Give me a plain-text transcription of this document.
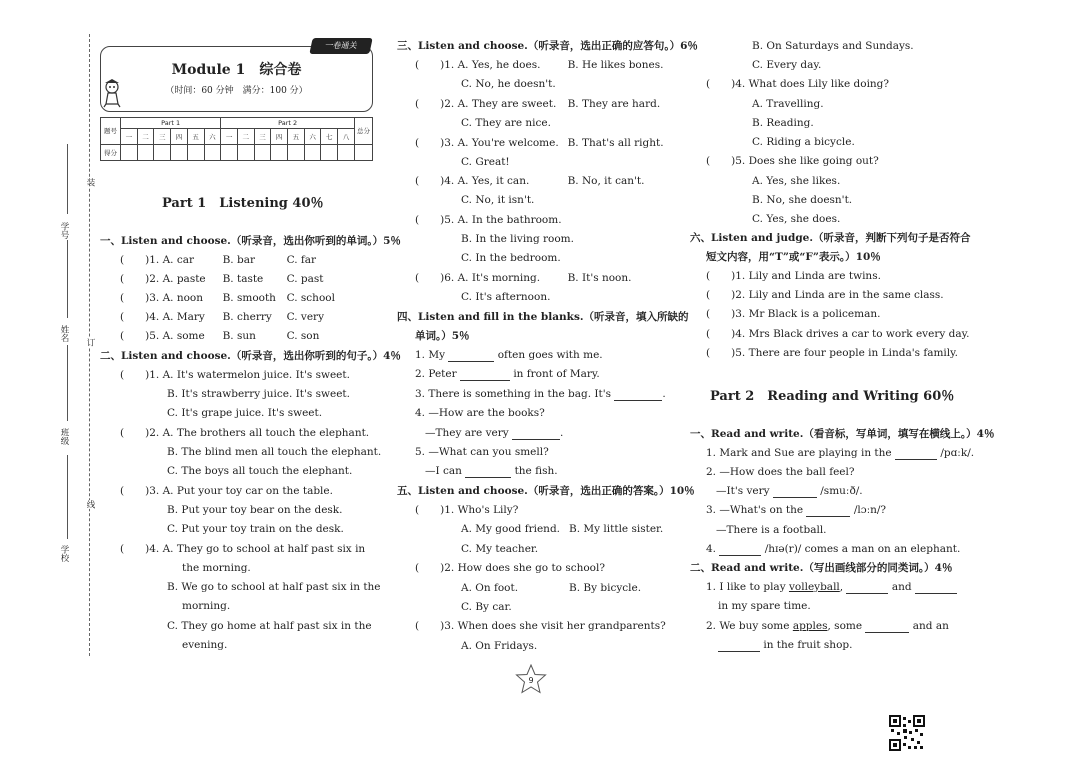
学号
姓名
班级
学校
装
订
线
Module 1　综合卷
（时间：60 分钟　满分：100 分）
一卷通关
题号	Part 1						Part 2								总分
	一	二	三	四	五	六	一	二	三	四	五	六	七	八	
得分															
Part 1　Listening 40％
一、Listen and choose.（听录音，选出你听到的单词。）5％
(　　)1. A. car	B. bar	C. far
(　　)2. A. paste B. taste C. past
(　　)3. A. noon B. smooth C. school
(　　)4. A. Mary B. cherry C. very
(　　)5. A. some B. sun	C. son
二、Listen and choose.（听录音，选出你听到的句子。）4％
(　　)1. A. It's watermelon juice. It's sweet.
B. It's strawberry juice. It's sweet.
C. It's grape juice. It's sweet.
(　　)2. A. The brothers all touch the elephant.
B. The blind men all touch the elephant.
C. The boys all touch the elephant.
(　　)3. A. Put your toy car on the table.
B. Put your toy bear on the desk.
C. Put your toy train on the desk.
(　　)4. A. They go to school at half past six in
the morning.
B. We go to school at half past six in the
morning.
C. They go home at half past six in the
evening.
三、Listen and choose.（听录音，选出正确的应答句。）6％
(　　)1. A. Yes, he does.	B. He likes bones.
C. No, he doesn't.
(　　)2. A. They are sweet. B. They are hard.
C. They are nice.
(　　)3. A. You're welcome. B. That's all right.
C. Great!
(　　)4. A. Yes, it can.	B. No, it can't.
C. No, it isn't.
(　　)5. A. In the bathroom.
B. In the living room.
C. In the bedroom.
(　　)6. A. It's morning.	B. It's noon.
C. It's afternoon.
四、Listen and fill in the blanks.（听录音，填入所缺的
单词。）5％
1. My	often goes with me.
2. Peter	in front of Mary.
3. There is something in the bag. It's	.
4. —How are the books?
—They are very	.
5. —What can you smell?
—I can	the fish.
五、Listen and choose.（听录音，选出正确的答案。）10％
(　　)1. Who's Lily?
A. My good friend. B. My little sister.
C. My teacher.
(　　)2. How does she go to school?
A. On foot.	B. By bicycle.
C. By car.
(　　)3. When does she visit her grandparents?
A. On Fridays.
B. On Saturdays and Sundays.
C. Every day.
(　　)4. What does Lily like doing?
A. Travelling.
B. Reading.
C. Riding a bicycle.
(　　)5. Does she like going out?
A. Yes, she likes.
B. No, she doesn't.
C. Yes, she does.
六、Listen and judge.（听录音，判断下列句子是否符合
短文内容，用“T”或“F”表示。）10％
(　　)1. Lily and Linda are twins.
(　　)2. Lily and Linda are in the same class.
(　　)3. Mr Black is a policeman.
(　　)4. Mrs Black drives a car to work every day.
(　　)5. There are four people in Linda's family.
Part 2　Reading and Writing 60％
一、Read and write.（看音标，写单词，填写在横线上。）4％
1. Mark and Sue are playing in the	/pɑːk/.
2. —How does the ball feel?
—It's very	/smuːð/.
3. —What's on the	/lɔːn/?
—There is a football.
4.	/hɪə(r)/ comes a man on an elephant.
二、Read and write.（写出画线部分的同类词。）4％
1. I like to play volleyball,	and
in my spare time.
2. We buy some apples, some	and an
in the fruit shop.
9
